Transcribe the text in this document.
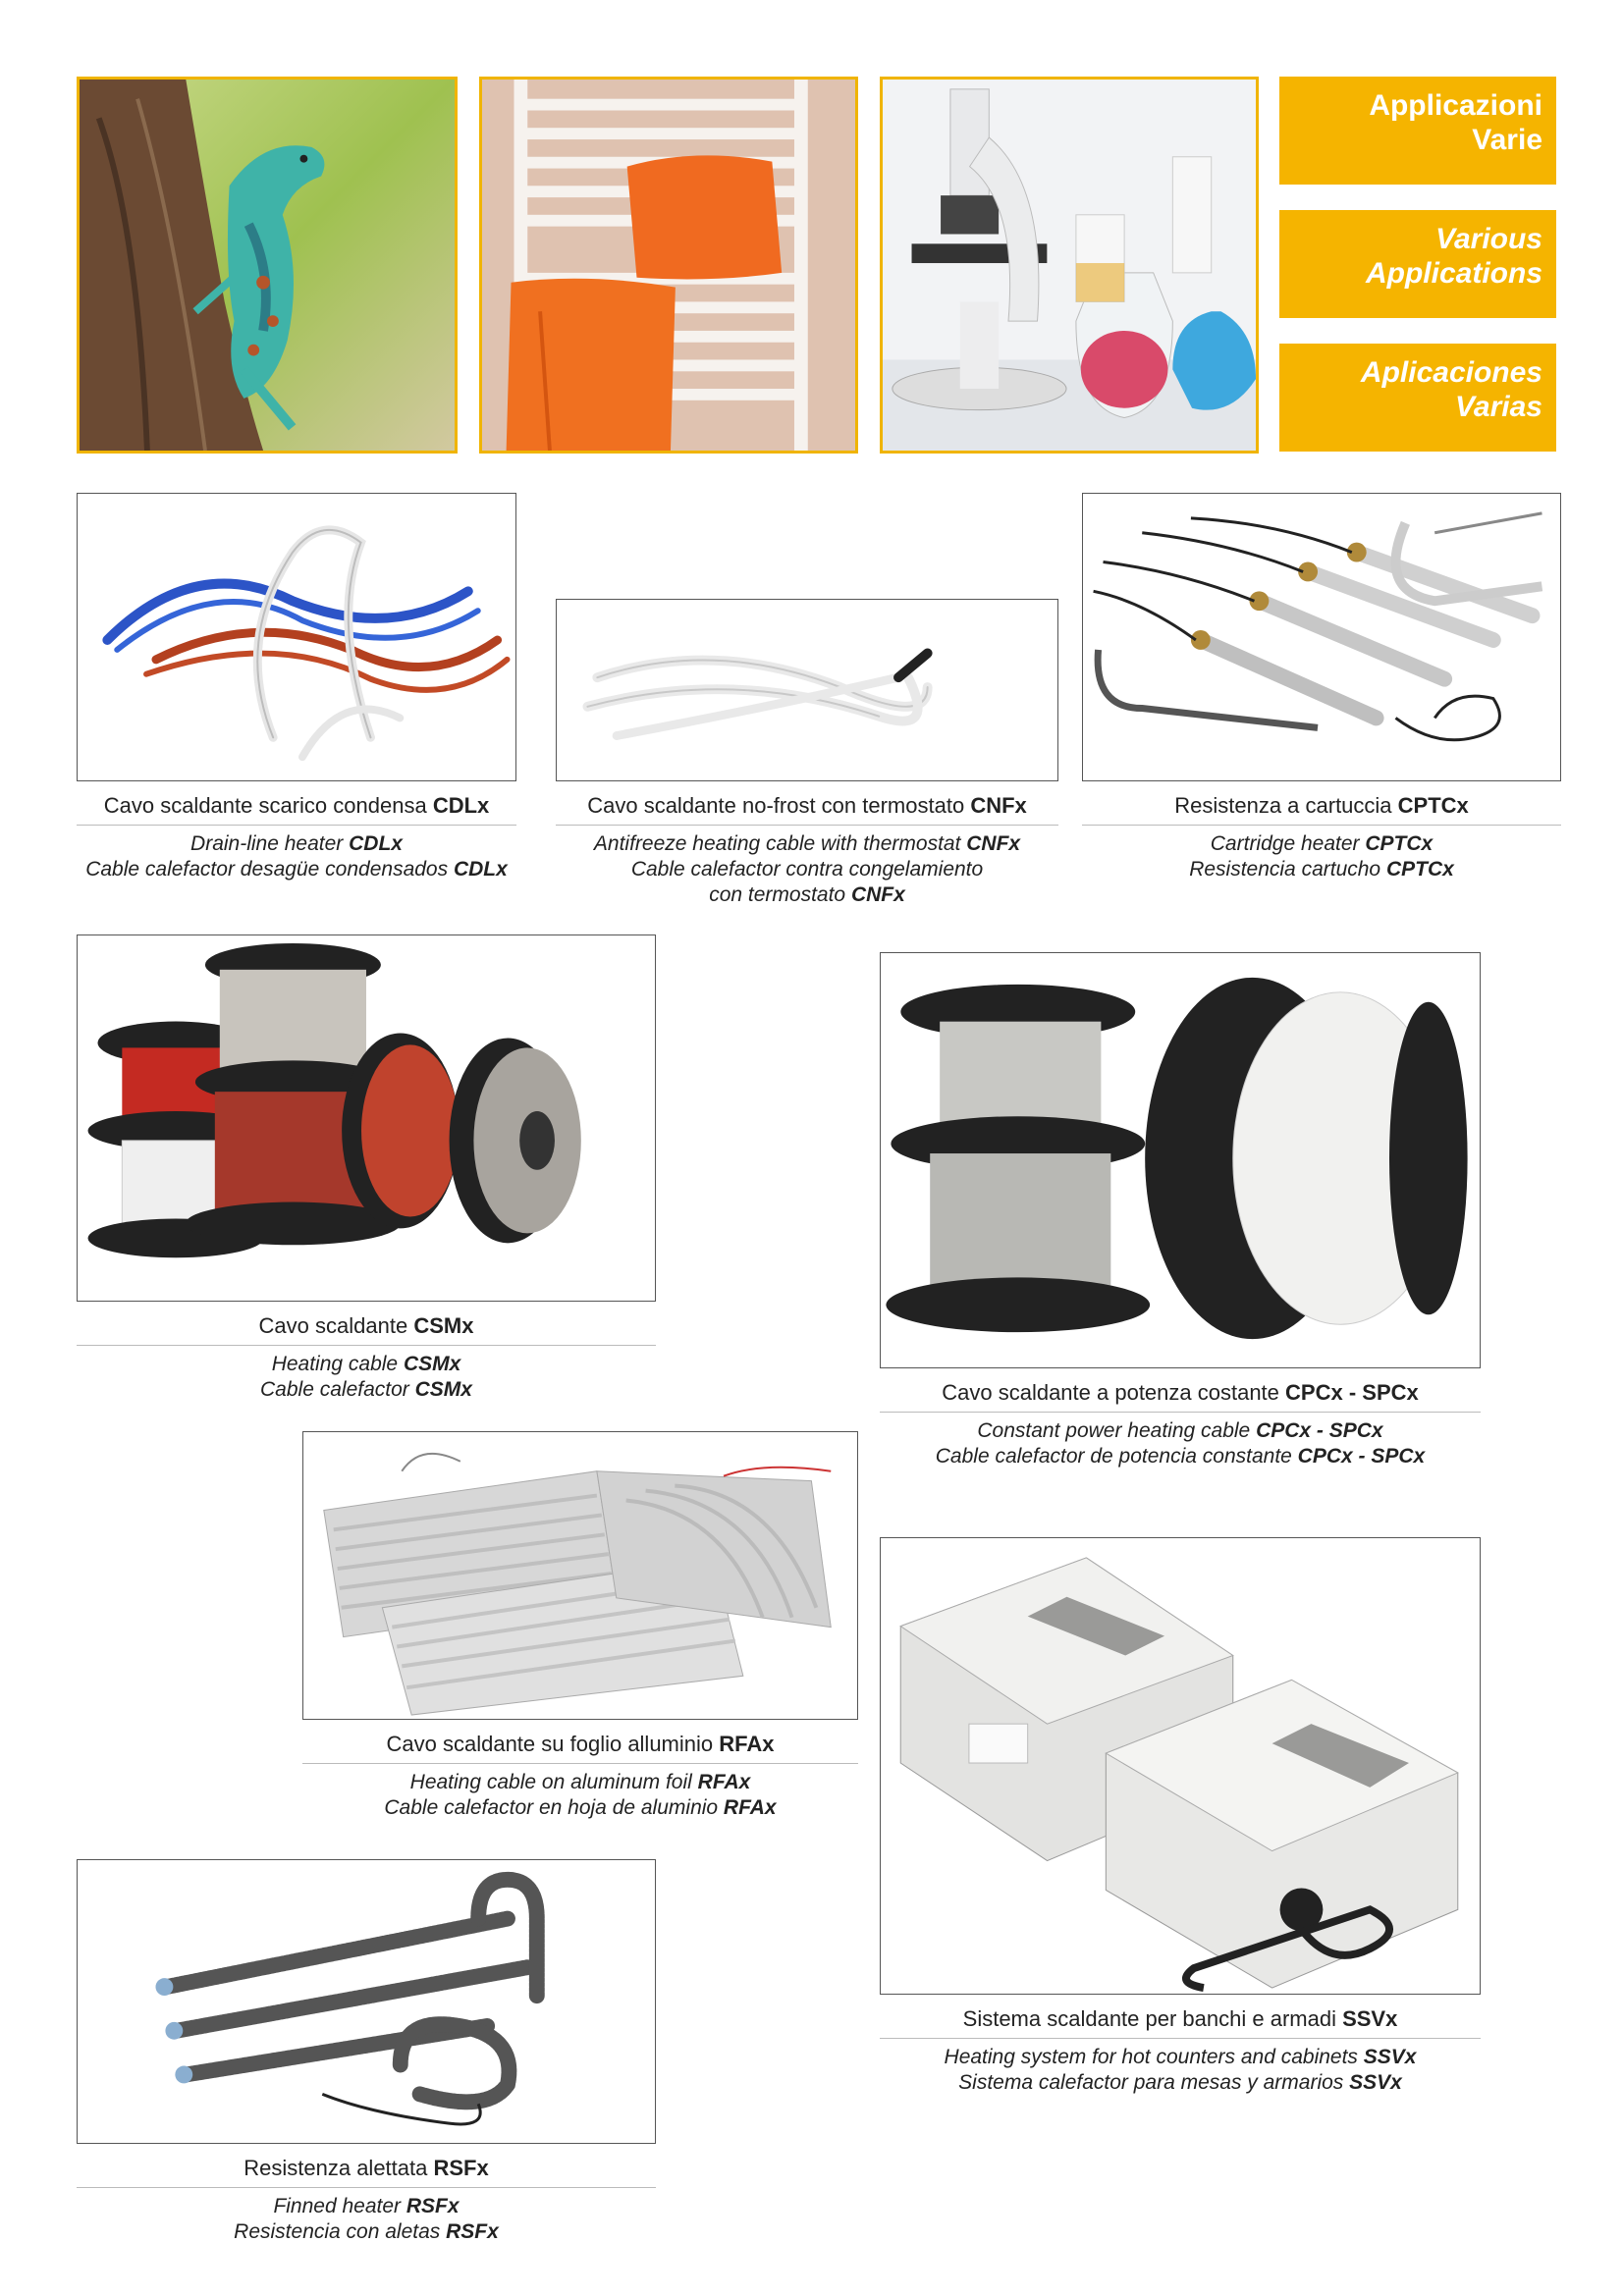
Applicazioni
Varie
Various
Applications
Aplicaciones
Varias
Cavo scaldante scarico condensa CDLx
Drain-line heater CDLx
Cable calefactor desagüe condensados CDLx
Cavo scaldante no-frost con termostato CNFx
Antifreeze heating cable with thermostat CNFx
Cable calefactor contra congelamiento
con termostato CNFx
Resistenza a cartuccia CPTCx
Cartridge heater CPTCx
Resistencia cartucho CPTCx
Cavo scaldante CSMx
Heating cable CSMx
Cable calefactor CSMx	Cavo scaldante a potenza costante CPCx - SPCx
Constant power heating cable CPCx - SPCx
Cable calefactor de potencia constante CPCx - SPCx
Cavo scaldante su foglio alluminio RFAx
Heating cable on aluminum foil RFAx
Cable calefactor en hoja de aluminio RFAx
Sistema scaldante per banchi e armadi SSVx
Heating system for hot counters and cabinets SSVx
Sistema calefactor para mesas y armarios SSVx
Resistenza alettata RSFx
Finned heater RSFx
Resistencia con aletas RSFx
